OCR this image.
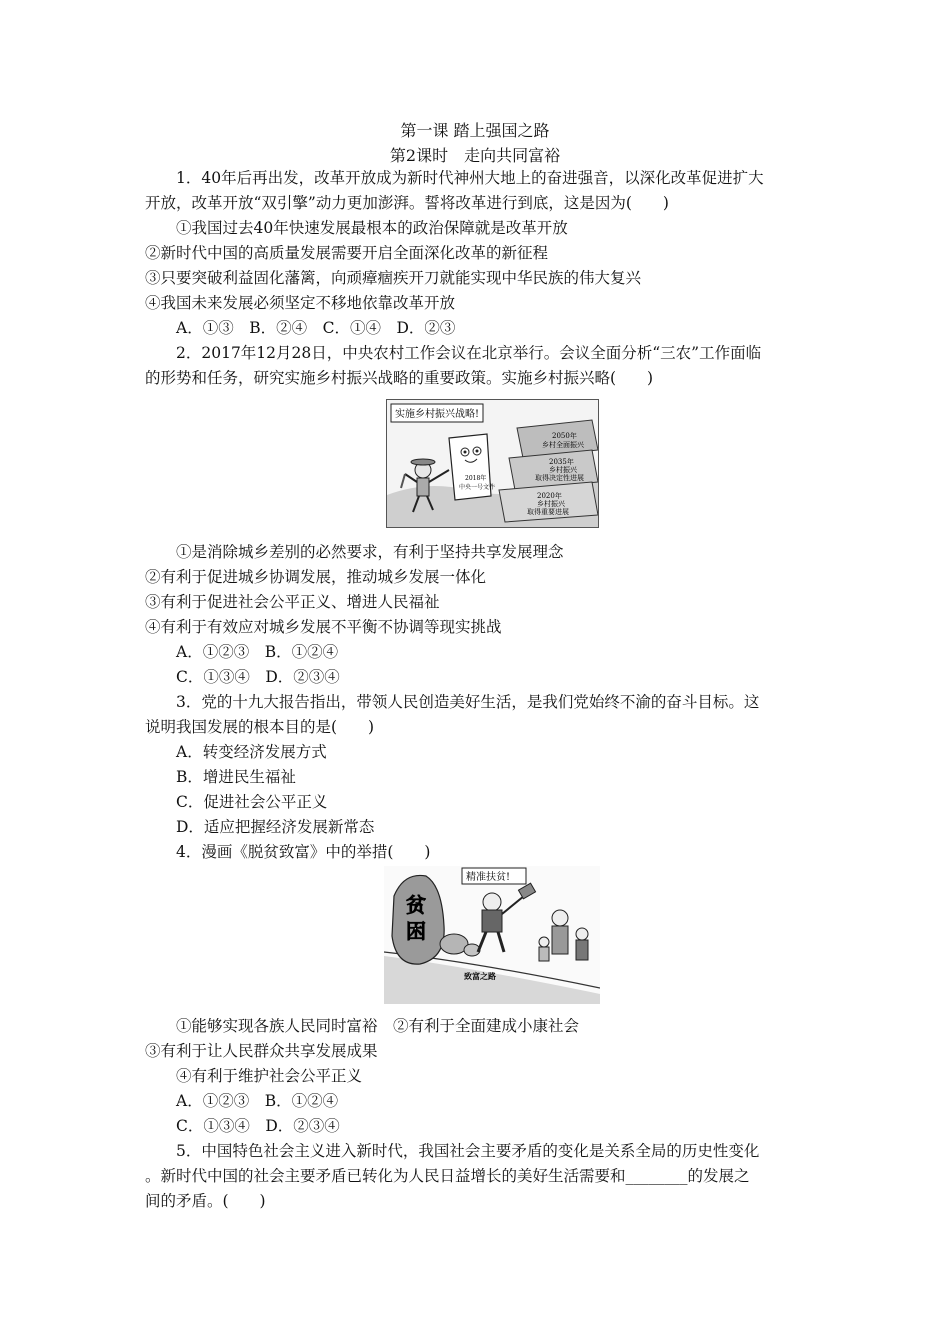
第一课 踏上强国之路
第2课时　走向共同富裕
1．40年后再出发，改革开放成为新时代神州大地上的奋进强音，以深化改革促进扩大
开放，改革开放“双引擎”动力更加澎湃。誓将改革进行到底，这是因为(　　)
①我国过去40年快速发展最根本的政治保障就是改革开放
②新时代中国的高质量发展需要开启全面深化改革的新征程
③只要突破利益固化藩篱，向顽瘴痼疾开刀就能实现中华民族的伟大复兴
④我国未来发展必须坚定不移地依靠改革开放
A．①③　B．②④　C．①④　D．②③
2．2017年12月28日，中央农村工作会议在北京举行。会议全面分析“三农”工作面临
的形势和任务，研究实施乡村振兴战略的重要政策。实施乡村振兴略(　　)
2050年
乡村全面振兴
2035年
乡村振兴
取得决定性进展
2020年
乡村振兴
取得重要进展
实施乡村振兴战略!
2018年
中央一号文件
①是消除城乡差别的必然要求，有利于坚持共享发展理念
②有利于促进城乡协调发展，推动城乡发展一体化
③有利于促进社会公平正义、增进人民福祉
④有利于有效应对城乡发展不平衡不协调等现实挑战
A．①②③　B．①②④
C．①③④　D．②③④
3．党的十九大报告指出，带领人民创造美好生活，是我们党始终不渝的奋斗目标。这
说明我国发展的根本目的是(　　)
A．转变经济发展方式
B．增进民生福祉
C．促进社会公平正义
D．适应把握经济发展新常态
4．漫画《脱贫致富》中的举措(　　)
致富之路
贫
困
精准扶贫!
①能够实现各族人民同时富裕　②有利于全面建成小康社会
③有利于让人民群众共享发展成果
④有利于维护社会公平正义
A．①②③　B．①②④
C．①③④　D．②③④
5．中国特色社会主义进入新时代，我国社会主要矛盾的变化是关系全局的历史性变化
。新时代中国的社会主要矛盾已转化为人民日益增长的美好生活需要和________的发展之
间的矛盾。(　　)
